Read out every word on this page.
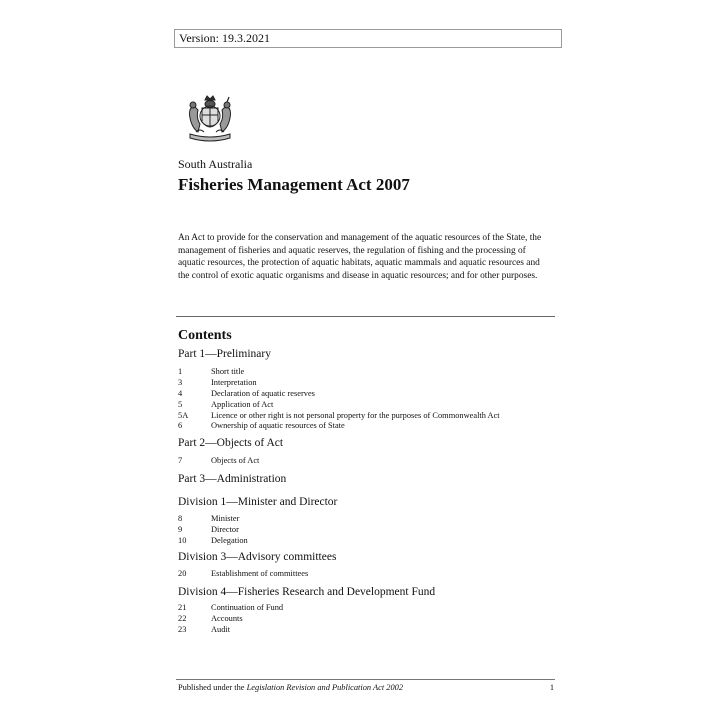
Version: 19.3.2021
South Australia
Fisheries Management Act 2007
An Act to provide for the conservation and management of the aquatic resources of the State, the management of fisheries and aquatic reserves, the regulation of fishing and the processing of aquatic resources, the protection of aquatic habitats, aquatic mammals and aquatic resources and the control of exotic aquatic organisms and disease in aquatic resources; and for other purposes.
Contents
Part 1—Preliminary
1	Short title
3	Interpretation
4	Declaration of aquatic reserves
5	Application of Act
5A	Licence or other right is not personal property for the purposes of Commonwealth Act
6	Ownership of aquatic resources of State
Part 2—Objects of Act
7	Objects of Act
Part 3—Administration
Division 1—Minister and Director
8	Minister
9	Director
10	Delegation
Division 3—Advisory committees
20	Establishment of committees
Division 4—Fisheries Research and Development Fund
21	Continuation of Fund
22	Accounts
23	Audit
Published under the Legislation Revision and Publication Act 2002	1
